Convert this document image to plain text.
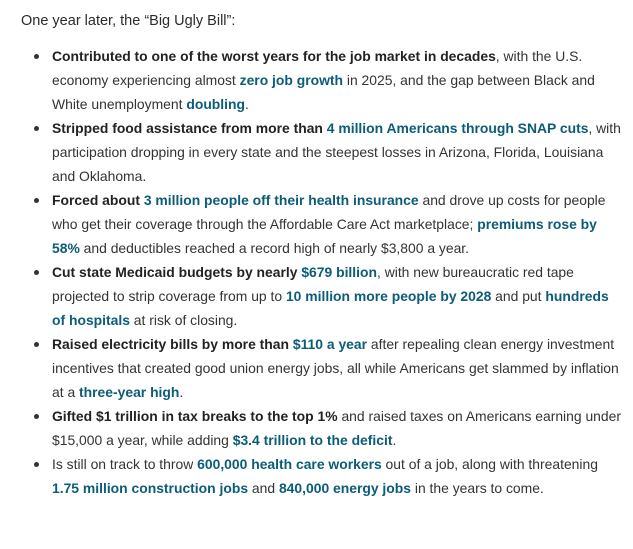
One year later, the “Big Ugly Bill”:

Contributed to one of the worst years for the job market in decades, with the U.S. economy experiencing almost zero job growth in 2025, and the gap between Black and White unemployment doubling.
Stripped food assistance from more than 4 million Americans through SNAP cuts, with participation dropping in every state and the steepest losses in Arizona, Florida, Louisiana and Oklahoma.
Forced about 3 million people off their health insurance and drove up costs for people who get their coverage through the Affordable Care Act marketplace; premiums rose by 58% and deductibles reached a record high of nearly $3,800 a year.
Cut state Medicaid budgets by nearly $679 billion, with new bureaucratic red tape projected to strip coverage from up to 10 million more people by 2028 and put hundreds of hospitals at risk of closing.
Raised electricity bills by more than $110 a year after repealing clean energy investment incentives that created good union energy jobs, all while Americans get slammed by inflation at a three-year high.
Gifted $1 trillion in tax breaks to the top 1% and raised taxes on Americans earning under $15,000 a year, while adding $3.4 trillion to the deficit.
Is still on track to throw 600,000 health care workers out of a job, along with threatening 1.75 million construction jobs and 840,000 energy jobs in the years to come.
